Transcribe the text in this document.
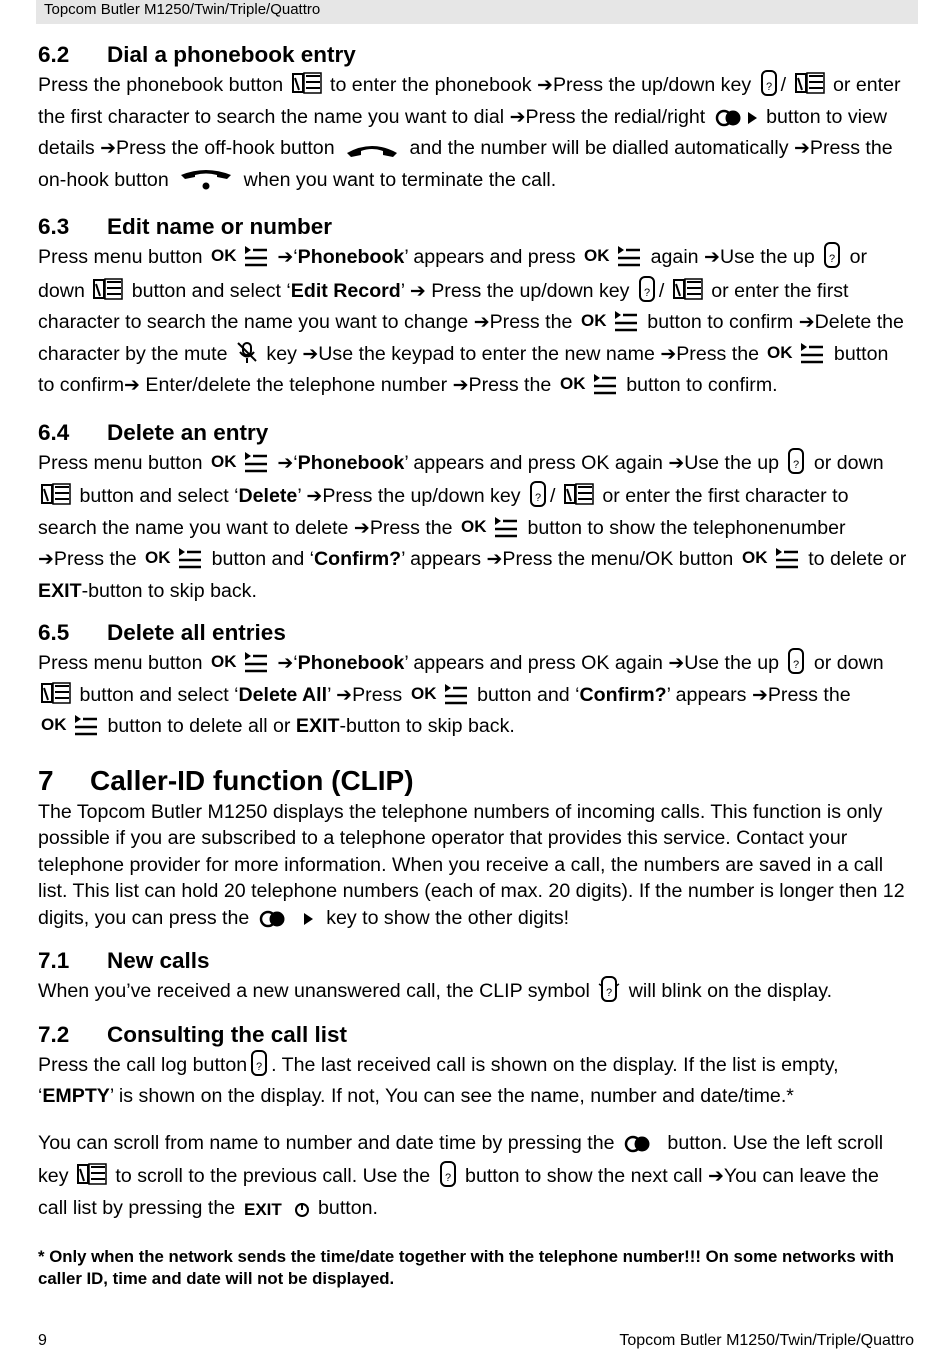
Topcom Butler M1250/Twin/Triple/Quattro
6.2 Dial a phonebook entry

Press the phonebook button to enter the phonebook ➔Press the up/down key ? / or enter the first character to search the name you want to dial ➔Press the redial/right	button to view details ➔Press the off-hook button	and the number will be dialled automatically ➔Press the on-hook button	when you want to terminate the call.

6.3 Edit name or number

Press menu button OK ➔‘Phonebook’ appears and press OK again ➔Use the up ? or down button and select ‘Edit Record’ ➔ Press the up/down key ? / or enter the first character to search the name you want to change ➔Press the OK button to confirm ➔Delete the character by the mute key ➔Use the keypad to enter the new name ➔Press the OK button to confirm➔ Enter/delete the telephone number ➔Press the OK button to confirm.

6.4 Delete an entry

Press menu button OK ➔‘Phonebook’ appears and press OK again ➔Use the up ? or down  button and select ‘Delete’ ➔Press the up/down key ? / or enter the first character to search the name you want to delete ➔Press the OK button to show the telephonenumber ➔Press the OK button and ‘Confirm?’ appears ➔Press the menu/OK button OK to delete or EXIT-button to skip back.

6.5 Delete all entries

Press menu button OK ➔‘Phonebook’ appears and press OK again ➔Use the up ? or down  button and select ‘Delete All’ ➔Press OK button and ‘Confirm?’ appears ➔Press the
OK button to delete all or EXIT-button to skip back.

7 Caller-ID function (CLIP)

The Topcom Butler M1250 displays the telephone numbers of incoming calls. This function is only possible if you are subscribed to a telephone operator that provides this service. Contact your telephone provider for more information. When you receive a call, the numbers are saved in a call list. This list can hold 20 telephone numbers (each of max. 20 digits). If the number is longer then 12 digits, you can press the	key to show the other digits!

7.1 New calls

When you’ve received a new unanswered call, the CLIP symbol ? will blink on the display.

7.2 Consulting the call list

Press the call log button ? . The last received call is shown on the display. If the list is empty, ‘EMPTY’ is shown on the display. If not, You can see the name, number and date/time.*

You can scroll from name to number and date time by pressing the	button. Use the left scroll key to scroll to the previous call. Use the ? button to show the next call ➔You can leave the call list by pressing the EXIT button.

* Only when the network sends the time/date together with the telephone number!!! On some networks with caller ID, time and date will not be displayed.

9	Topcom Butler M1250/Twin/Triple/Quattro
